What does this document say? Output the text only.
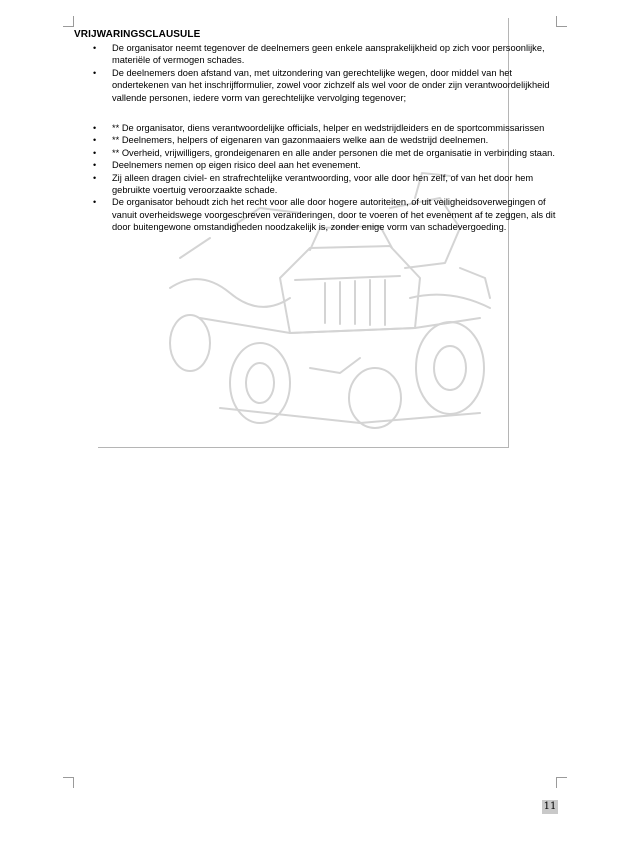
VRIJWARINGSCLAUSULE
• De organisator neemt tegenover de deelnemers geen enkele aansprakelijkheid op zich voor persoonlijke, materiële of vermogen schades.
• De deelnemers doen afstand van, met uitzondering van gerechtelijke wegen, door middel van het ondertekenen van het inschrijfformulier, zowel voor zichzelf als wel voor de onder zijn verantwoordelijkheid vallende personen, iedere vorm van gerechtelijke vervolging tegenover;
• ** De organisator, diens verantwoordelijke officials, helper en wedstrijdleiders en de sportcommissarissen
• ** Deelnemers, helpers of eigenaren van gazonmaaiers welke aan de wedstrijd deelnemen.
• ** Overheid, vrijwilligers, grondeigenaren en alle ander personen die met de organisatie in verbinding staan.
• Deelnemers nemen op eigen risico deel aan het evenement.
• Zij alleen dragen civiel- en strafrechtelijke verantwoording, voor alle door hen zelf, of van het door hem gebruikte voertuig veroorzaakte schade.
• De organisator behoudt zich het recht voor alle door hogere autoriteiten, of uit veiligheidsoverwegingen of vanuit overheidswege voorgeschreven veranderingen, door te voeren of het evenement af te zeggen, als dit door buitengewone omstandigheden noodzakelijk is, zonder enige vorm van schadevergoeding.
11
